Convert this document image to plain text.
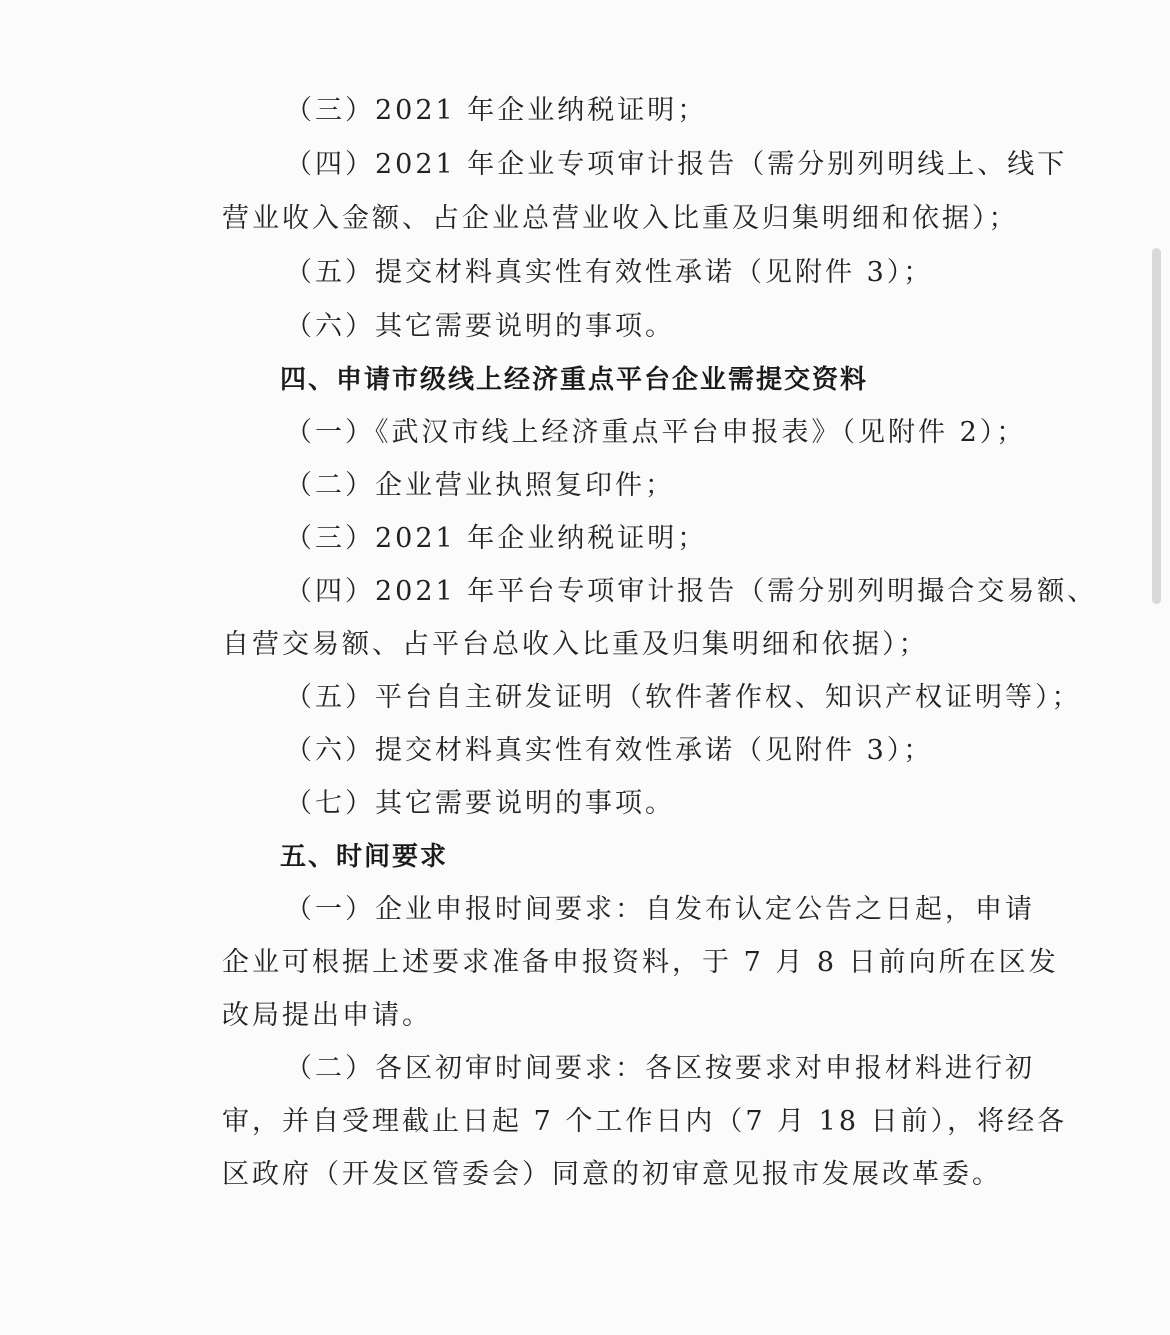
（三）2021 年企业纳税证明；
（四）2021 年企业专项审计报告（需分别列明线上、线下
营业收入金额、占企业总营业收入比重及归集明细和依据）；
（五）提交材料真实性有效性承诺（见附件 3）；
（六）其它需要说明的事项。
四、申请市级线上经济重点平台企业需提交资料
（一）《武汉市线上经济重点平台申报表》（见附件 2）；
（二）企业营业执照复印件；
（三）2021 年企业纳税证明；
（四）2021 年平台专项审计报告（需分别列明撮合交易额、
自营交易额、占平台总收入比重及归集明细和依据）；
（五）平台自主研发证明（软件著作权、知识产权证明等）；
（六）提交材料真实性有效性承诺（见附件 3）；
（七）其它需要说明的事项。
五、时间要求
（一）企业申报时间要求：自发布认定公告之日起，申请
企业可根据上述要求准备申报资料，于 7 月 8 日前向所在区发
改局提出申请。
（二）各区初审时间要求：各区按要求对申报材料进行初
审，并自受理截止日起 7 个工作日内（7 月 18 日前），将经各
区政府（开发区管委会）同意的初审意见报市发展改革委。
